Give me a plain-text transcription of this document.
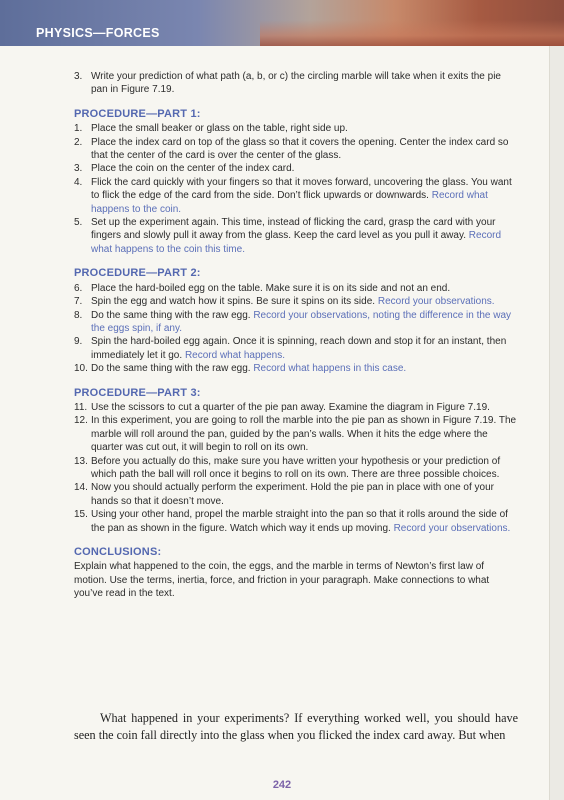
PHYSICS—FORCES
3. Write your prediction of what path (a, b, or c) the circling marble will take when it exits the pie pan in Figure 7.19.
PROCEDURE—PART 1:
1. Place the small beaker or glass on the table, right side up.
2. Place the index card on top of the glass so that it covers the opening. Center the index card so that the center of the card is over the center of the glass.
3. Place the coin on the center of the index card.
4. Flick the card quickly with your fingers so that it moves forward, uncovering the glass. You want to flick the edge of the card from the side. Don’t flick upwards or downwards. Record what happens to the coin.
5. Set up the experiment again. This time, instead of flicking the card, grasp the card with your fingers and slowly pull it away from the glass. Keep the card level as you pull it away. Record what happens to the coin this time.
PROCEDURE—PART 2:
6. Place the hard-boiled egg on the table. Make sure it is on its side and not an end.
7. Spin the egg and watch how it spins. Be sure it spins on its side. Record your observations.
8. Do the same thing with the raw egg. Record your observations, noting the difference in the way the eggs spin, if any.
9. Spin the hard-boiled egg again. Once it is spinning, reach down and stop it for an instant, then immediately let it go. Record what happens.
10. Do the same thing with the raw egg. Record what happens in this case.
PROCEDURE—PART 3:
11. Use the scissors to cut a quarter of the pie pan away. Examine the diagram in Figure 7.19.
12. In this experiment, you are going to roll the marble into the pie pan as shown in Figure 7.19. The marble will roll around the pan, guided by the pan’s walls. When it hits the edge where the quarter was cut out, it will begin to roll on its own.
13. Before you actually do this, make sure you have written your hypothesis or your prediction of which path the ball will roll once it begins to roll on its own. There are three possible choices.
14. Now you should actually perform the experiment. Hold the pie pan in place with one of your hands so that it doesn’t move.
15. Using your other hand, propel the marble straight into the pan so that it rolls around the side of the pan as shown in the figure. Watch which way it ends up moving. Record your observations.
CONCLUSIONS:

Explain what happened to the coin, the eggs, and the marble in terms of Newton’s first law of motion. Use the terms, inertia, force, and friction in your paragraph. Make connections to what you’ve read in the text.

What happened in your experiments? If everything worked well, you should have seen the coin fall directly into the glass when you flicked the index card away. But when
242
